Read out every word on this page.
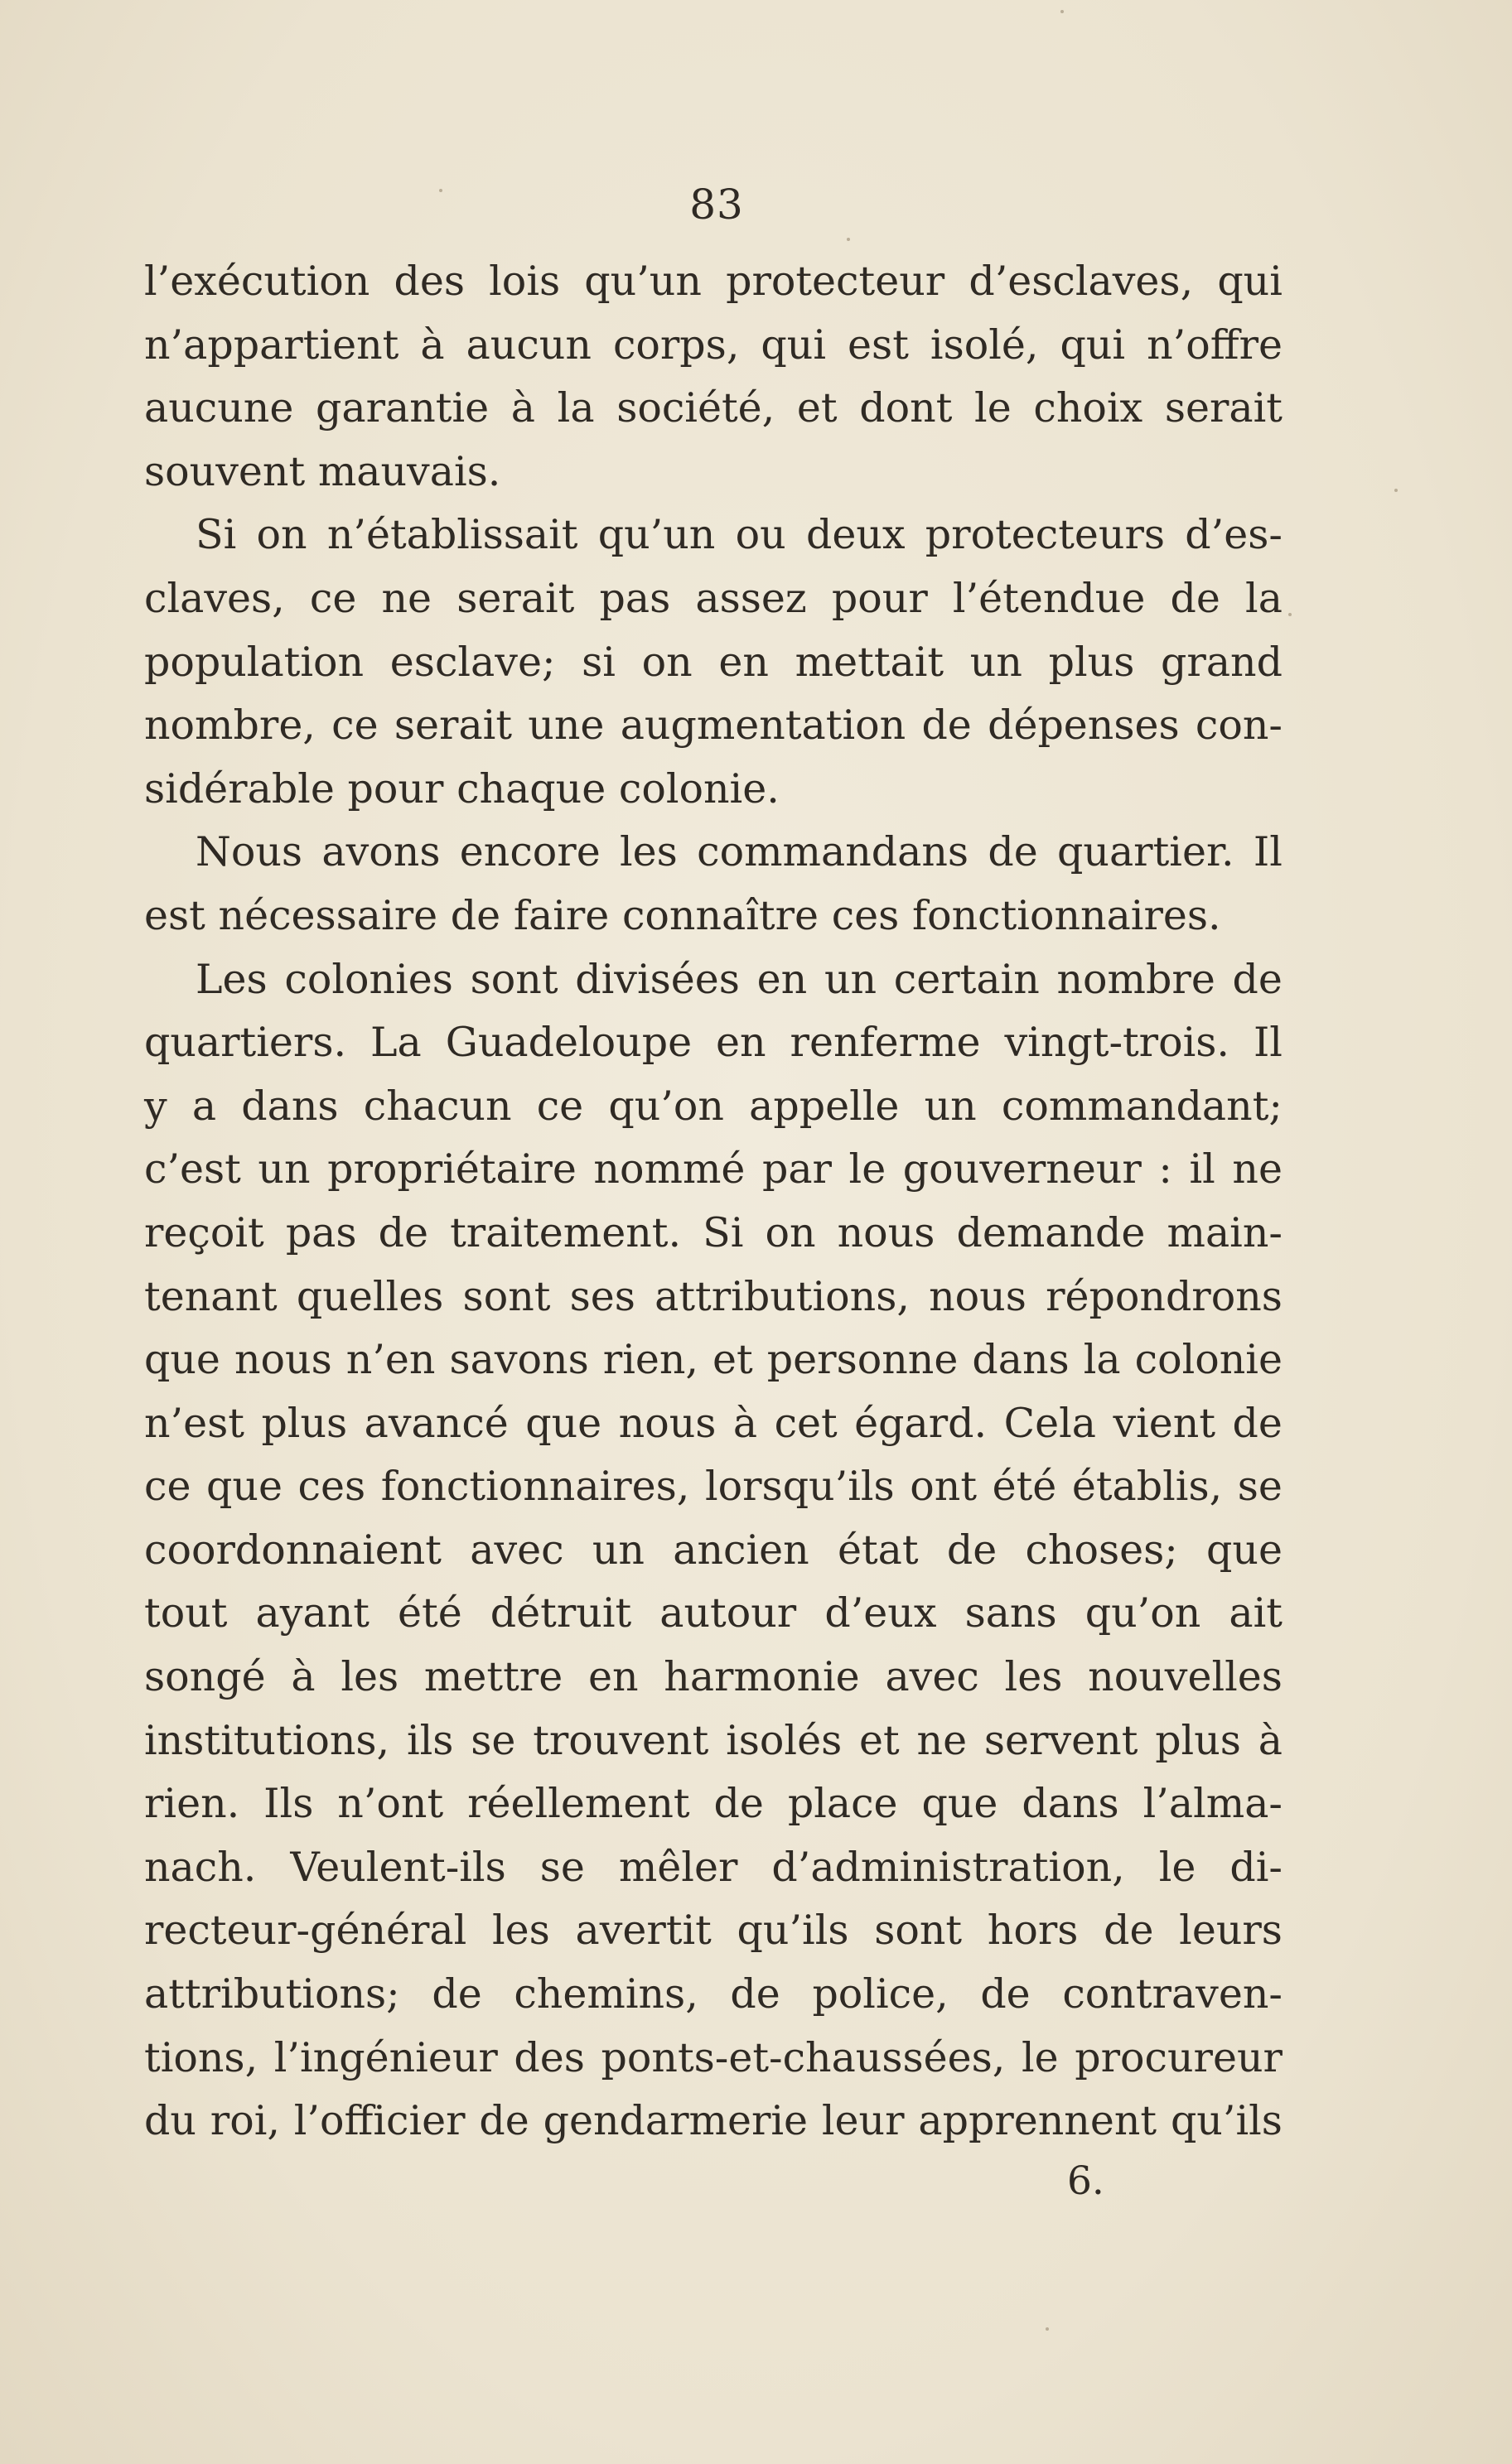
83
l’exécution des lois qu’un protecteur d’esclaves, qui
n’appartient à aucun corps, qui est isolé, qui n’offre
aucune garantie à la société, et dont le choix serait
souvent mauvais.
Si on n’établissait qu’un ou deux protecteurs d’es-
claves, ce ne serait pas assez pour l’étendue de la
population esclave; si on en mettait un plus grand
nombre, ce serait une augmentation de dépenses con-
sidérable pour chaque colonie.
Nous avons encore les commandans de quartier. Il
est nécessaire de faire connaître ces fonctionnaires.
Les colonies sont divisées en un certain nombre de
quartiers. La Guadeloupe en renferme vingt-trois. Il
y a dans chacun ce qu’on appelle un commandant;
c’est un propriétaire nommé par le gouverneur : il ne
reçoit pas de traitement. Si on nous demande main-
tenant quelles sont ses attributions, nous répondrons
que nous n’en savons rien, et personne dans la colonie
n’est plus avancé que nous à cet égard. Cela vient de
ce que ces fonctionnaires, lorsqu’ils ont été établis, se
coordonnaient avec un ancien état de choses; que
tout ayant été détruit autour d’eux sans qu’on ait
songé à les mettre en harmonie avec les nouvelles
institutions, ils se trouvent isolés et ne servent plus à
rien. Ils n’ont réellement de place que dans l’alma-
nach. Veulent-ils se mêler d’administration, le di-
recteur-général les avertit qu’ils sont hors de leurs
attributions; de chemins, de police, de contraven-
tions, l’ingénieur des ponts-et-chaussées, le procureur
du roi, l’officier de gendarmerie leur apprennent qu’ils
6.
